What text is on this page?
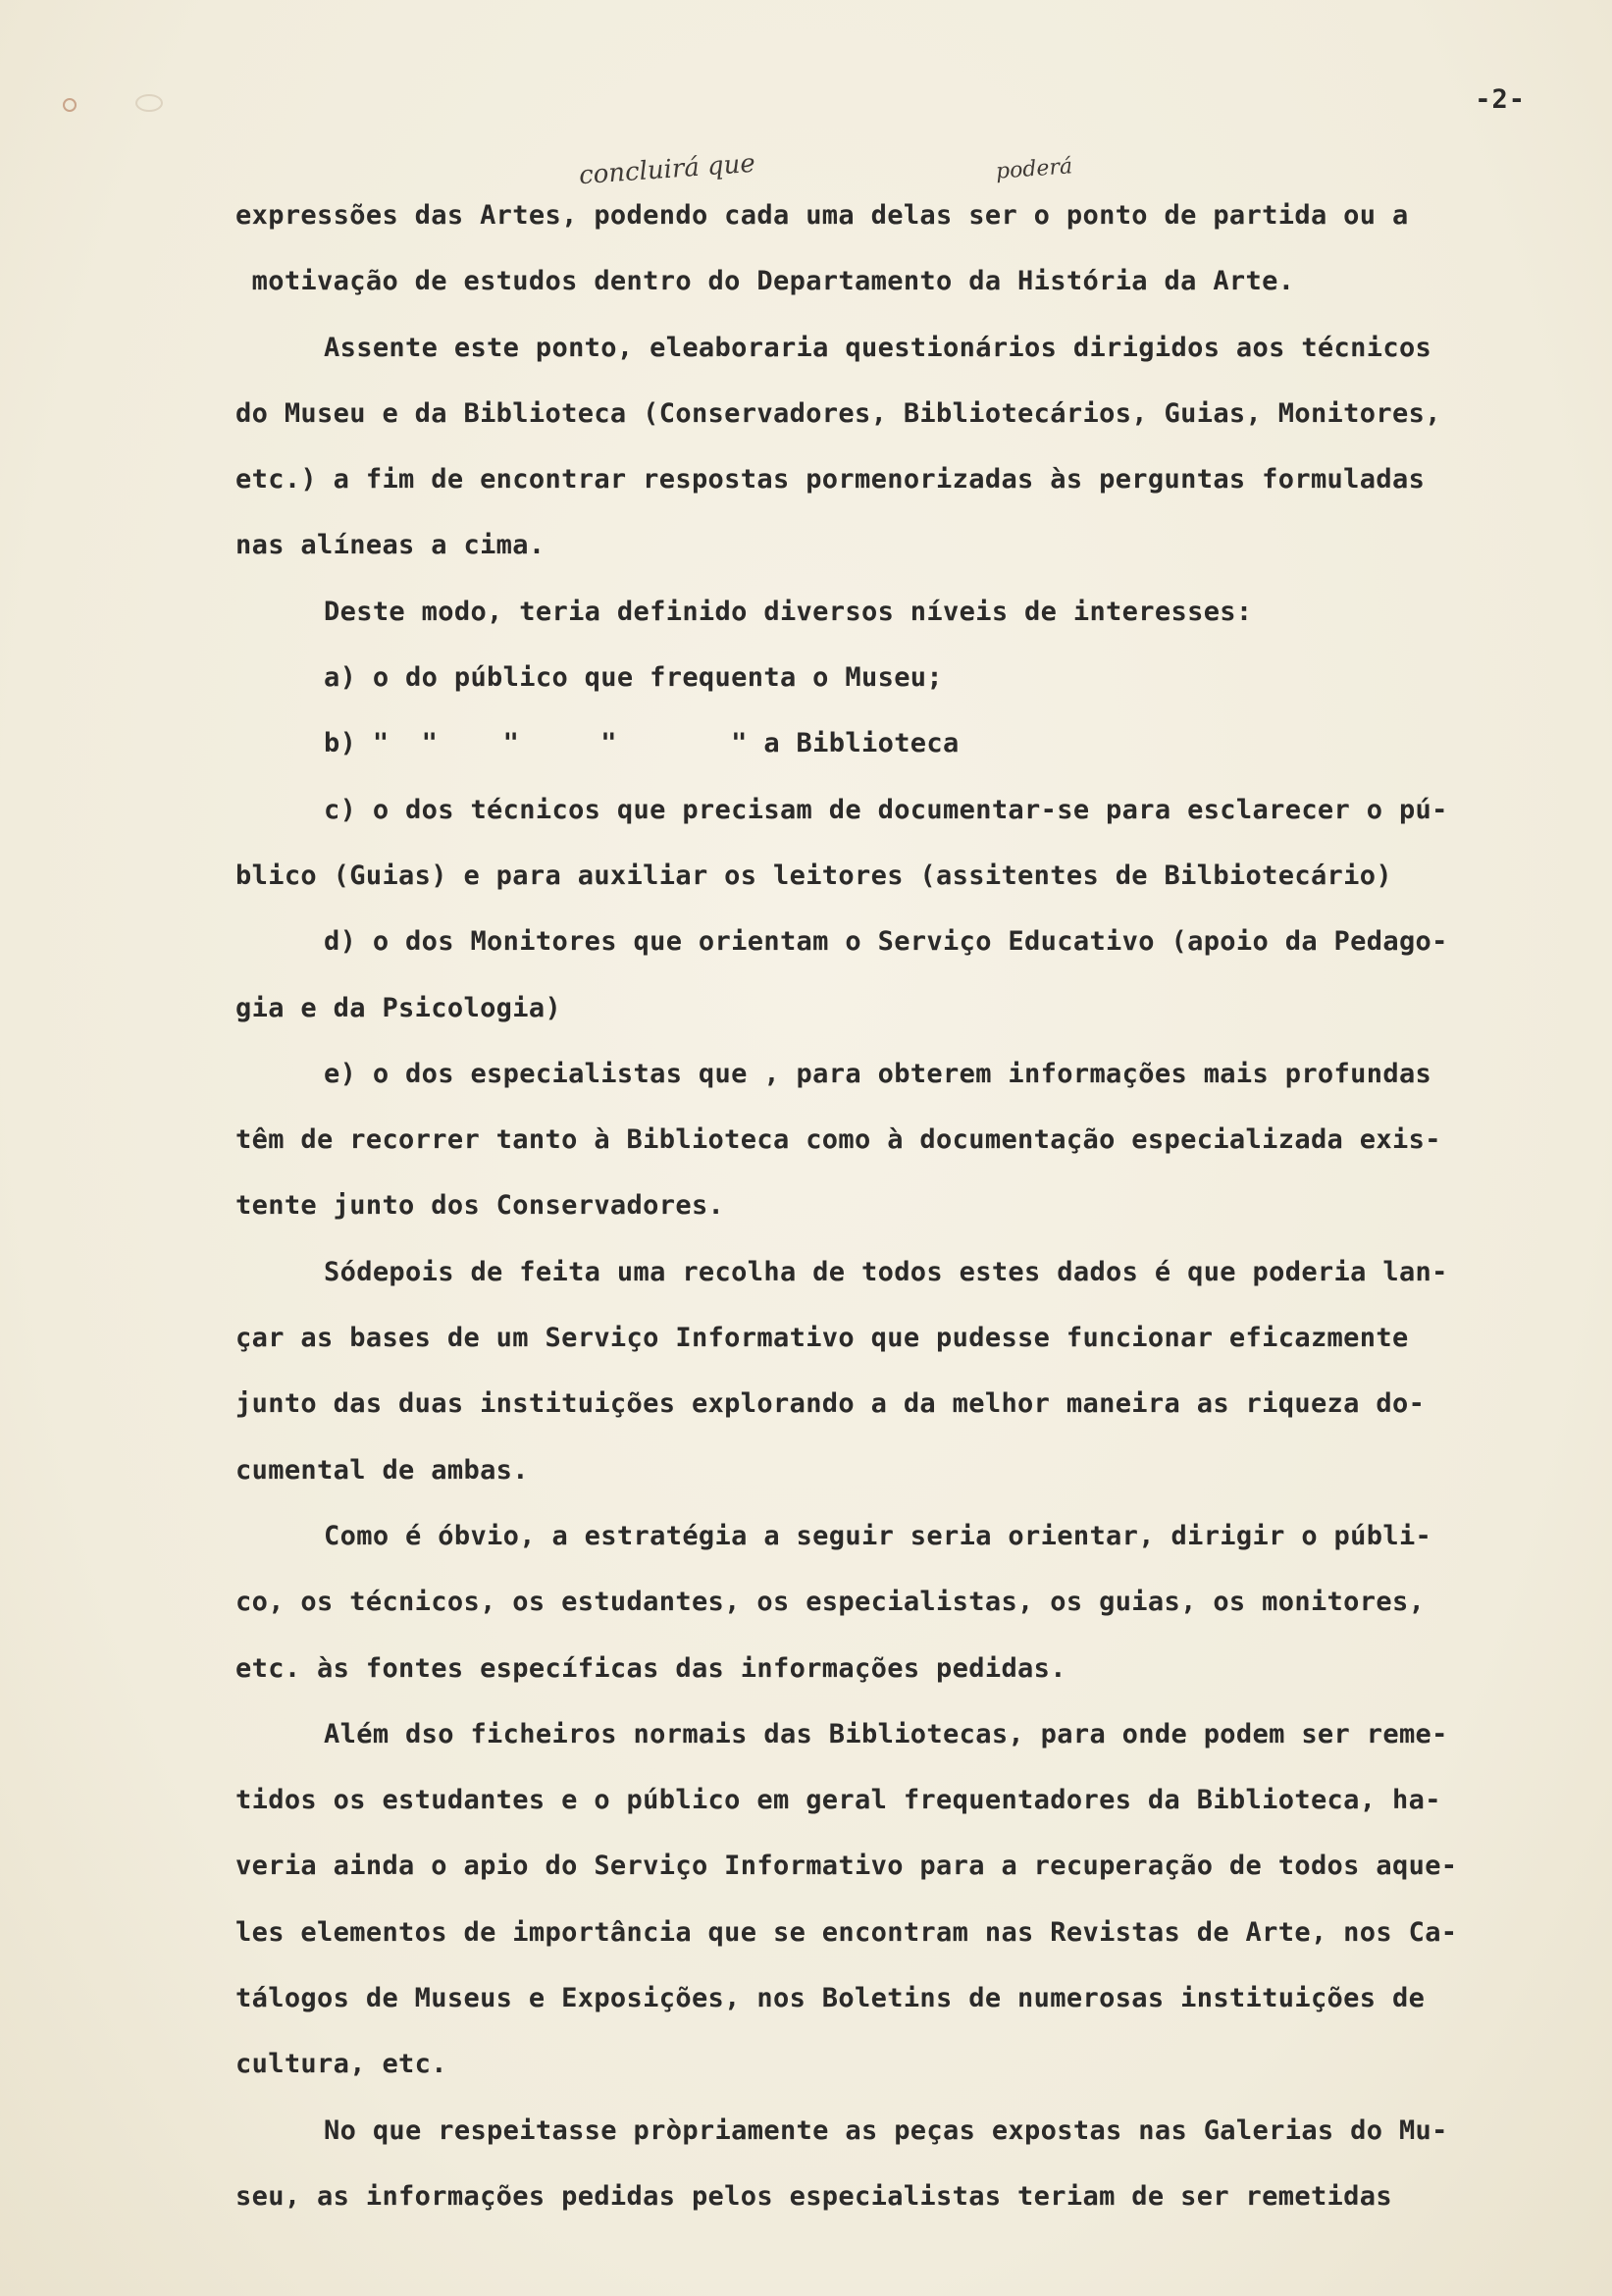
-2-
concluirá que	poderá
expressões das Artes, podendo cada uma delas ser o ponto de partida ou a
motivação de estudos dentro do Departamento da História da Arte.
Assente este ponto, eleaboraria questionários dirigidos aos técnicos
do Museu e da Biblioteca (Conservadores, Bibliotecários, Guias, Monitores,
etc.) a fim de encontrar respostas pormenorizadas às perguntas formuladas
nas alíneas a cima.
Deste modo, teria definido diversos níveis de interesses:
a) o do público que frequenta o Museu;
b) "  "    "     "       " a Biblioteca
c) o dos técnicos que precisam de documentar-se para esclarecer o pú-
blico (Guias) e para auxiliar os leitores (assitentes de Bilbiotecário)
d) o dos Monitores que orientam o Serviço Educativo (apoio da Pedago-
gia e da Psicologia)
e) o dos especialistas que , para obterem informações mais profundas
têm de recorrer tanto à Biblioteca como à documentação especializada exis-
tente junto dos Conservadores.
Sódepois de feita uma recolha de todos estes dados é que poderia lan-
çar as bases de um Serviço Informativo que pudesse funcionar eficazmente
junto das duas instituições explorando a da melhor maneira as riqueza do-
cumental de ambas.
Como é óbvio, a estratégia a seguir seria orientar, dirigir o públi-
co, os técnicos, os estudantes, os especialistas, os guias, os monitores,
etc. às fontes específicas das informações pedidas.
Além dso ficheiros normais das Bibliotecas, para onde podem ser reme-
tidos os estudantes e o público em geral frequentadores da Biblioteca, ha-
veria ainda o apio do Serviço Informativo para a recuperação de todos aque-
les elementos de importância que se encontram nas Revistas de Arte, nos Ca-
tálogos de Museus e Exposições, nos Boletins de numerosas instituições de
cultura, etc.
No que respeitasse pròpriamente as peças expostas nas Galerias do Mu-
seu, as informações pedidas pelos especialistas teriam de ser remetidas
